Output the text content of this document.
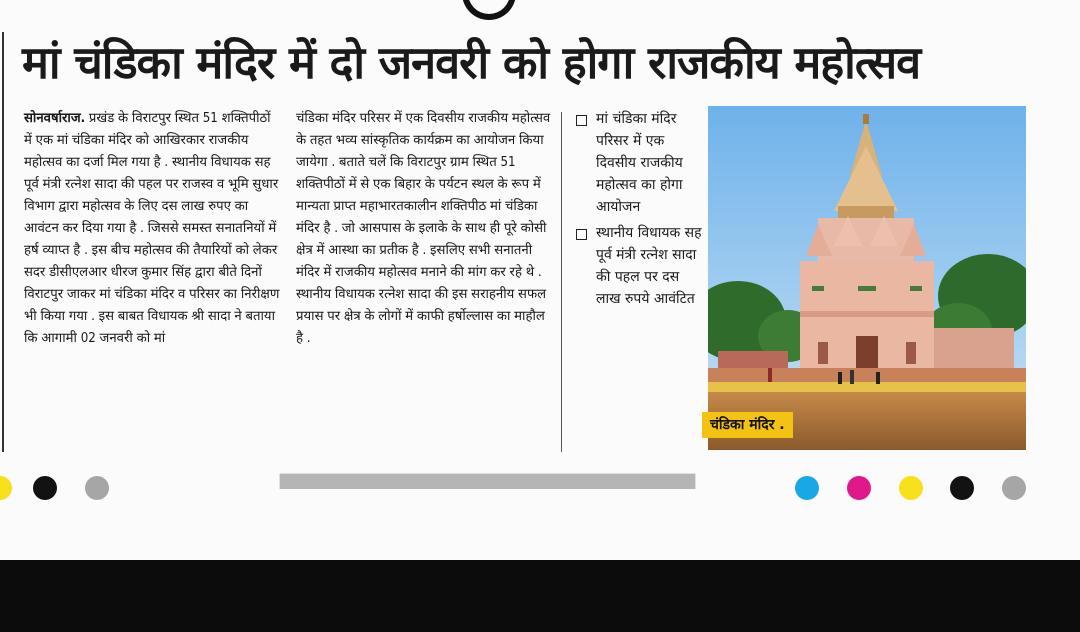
मां चंडिका मंदिर में दो जनवरी को होगा राजकीय महोत्सव

सोनवर्षाराज. प्रखंड के विराटपुर स्थित 51 शक्तिपीठों में एक मां चंडिका मंदिर को आखिरकार राजकीय महोत्सव का दर्जा मिल गया है . स्थानीय विधायक सह पूर्व मंत्री रत्नेश सादा की पहल पर राजस्व व भूमि सुधार विभाग द्वारा महोत्सव के लिए दस लाख रुपए का आवंटन कर दिया गया है . जिससे समस्त सनातनियों में हर्ष व्याप्त है . इस बीच महोत्सव की तैयारियों को लेकर सदर डीसीएलआर धीरज कुमार सिंह द्वारा बीते दिनों विराटपुर जाकर मां चंडिका मंदिर व परिसर का निरीक्षण भी किया गया . इस बाबत विधायक श्री सादा ने बताया कि आगामी 02 जनवरी को मां

चंडिका मंदिर परिसर में एक दिवसीय राजकीय महोत्सव के तहत भव्य सांस्कृतिक कार्यक्रम का आयोजन किया जायेगा . बताते चलें कि विराटपुर ग्राम स्थित 51 शक्तिपीठों में से एक बिहार के पर्यटन स्थल के रूप में मान्यता प्राप्त महाभारतकालीन शक्तिपीठ मां चंडिका मंदिर है . जो आसपास के इलाके के साथ ही पूरे कोसी क्षेत्र में आस्था का प्रतीक है . इसलिए सभी सनातनी मंदिर में राजकीय महोत्सव मनाने की मांग कर रहे थे . स्थानीय विधायक रत्नेश सादा की इस सराहनीय सफल प्रयास पर क्षेत्र के लोगों में काफी हर्षोल्लास का माहौल है .

मां चंडिका मंदिर परिसर में एक दिवसीय राजकीय महोत्सव का होगा आयोजन
स्थानीय विधायक सह पूर्व मंत्री रत्नेश सादा की पहल पर दस लाख रुपये आवंटित
चंडिका मंदिर .
